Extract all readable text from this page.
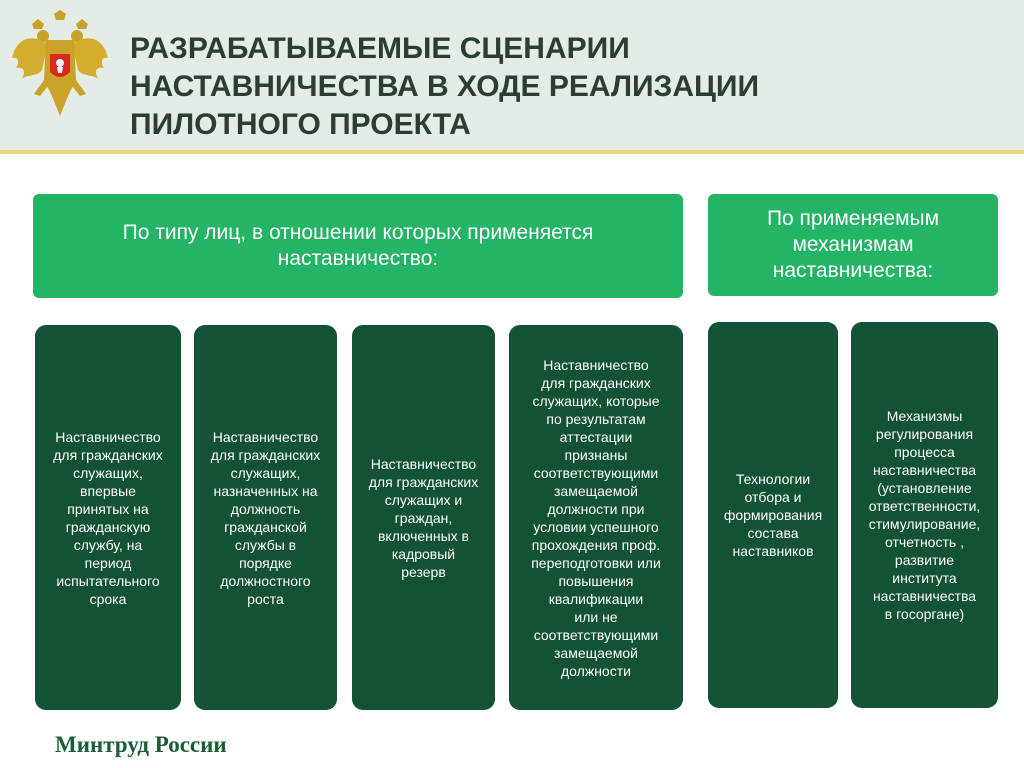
РАЗРАБАТЫВАЕМЫЕ СЦЕНАРИИ
НАСТАВНИЧЕСТВА В ХОДЕ РЕАЛИЗАЦИИ
ПИЛОТНОГО ПРОЕКТА
По типу лиц, в отношении которых применяется
наставничество:
По применяемым
механизмам
наставничества:
Наставничество
для гражданских
служащих,
впервые
принятых на
гражданскую
службу, на
период
испытательного
срока
Наставничество
для гражданских
служащих,
назначенных на
должность
гражданской
службы в
порядке
должностного
роста
Наставничество
для гражданских
служащих и
граждан,
включенных в
кадровый
резерв
Наставничество
для гражданских
служащих, которые
по результатам
аттестации
признаны
соответствующими
замещаемой
должности при
условии успешного
прохождения проф.
переподготовки или
повышения
квалификации
или не
соответствующими
замещаемой
должности
Технологии
отбора и
формирования
состава
наставников
Механизмы
регулирования
процесса
наставничества
(установление
ответственности,
стимулирование,
отчетность ,
развитие
института
наставничества
в госоргане)
Минтруд России
